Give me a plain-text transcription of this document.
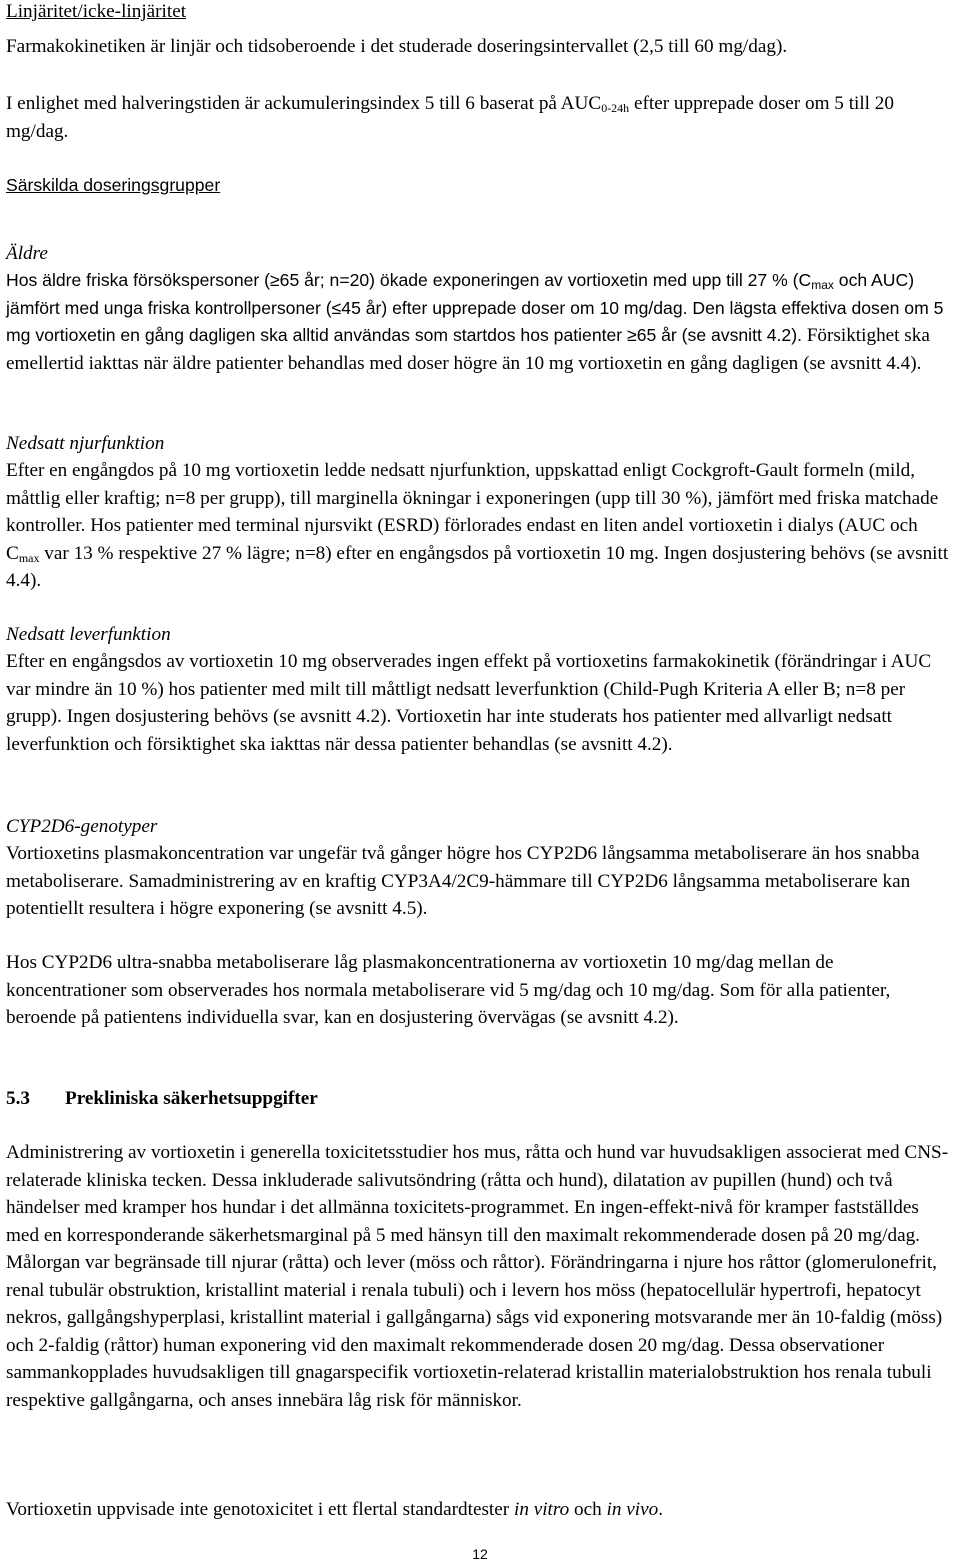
Linjäritet/icke-linjäritet

Farmakokinetiken är linjär och tidsoberoende i det studerade doseringsintervallet (2,5 till 60 mg/dag).

I enlighet med halveringstiden är ackumuleringsindex 5 till 6 baserat på $AUC_{0-24h}$ efter upprepade doser om 5 till 20 mg/dag.

Särskilda doseringsgrupper

Äldre

Hos äldre friska försökspersoner (≥65 år; n=20) ökade exponeringen av vortioxetin med upp till 27 % ($C_{max}$ och AUC) jämfört med unga friska kontrollpersoner (≤45 år) efter upprepade doser om 10 mg/dag. Den lägsta effektiva dosen om 5 mg vortioxetin en gång dagligen ska alltid användas som startdos hos patienter ≥65 år (se avsnitt 4.2). Försiktighet ska emellertid iakttas när äldre patienter behandlas med doser högre än 10 mg vortioxetin en gång dagligen (se avsnitt 4.4).

Nedsatt njurfunktion

Efter en engångdos på 10 mg vortioxetin ledde nedsatt njurfunktion, uppskattad enligt Cockgroft-Gault formeln (mild, måttlig eller kraftig; n=8 per grupp), till marginella ökningar i exponeringen (upp till 30 %), jämfört med friska matchade kontroller. Hos patienter med terminal njursvikt (ESRD) förlorades endast en liten andel vortioxetin i dialys (AUC och $C_{max}$ var 13 % respektive 27 % lägre; n=8) efter en engångsdos på vortioxetin 10 mg. Ingen dosjustering behövs (se avsnitt 4.4).

Nedsatt leverfunktion

Efter en engångsdos av vortioxetin 10 mg observerades ingen effekt på vortioxetins farmakokinetik (förändringar i AUC var mindre än 10 %) hos patienter med milt till måttligt nedsatt leverfunktion (Child-Pugh Kriteria A eller B; n=8 per grupp). Ingen dosjustering behövs (se avsnitt 4.2). Vortioxetin har inte studerats hos patienter med allvarligt nedsatt leverfunktion och försiktighet ska iakttas när dessa patienter behandlas (se avsnitt 4.2).

CYP2D6-genotyper

Vortioxetins plasmakoncentration var ungefär två gånger högre hos CYP2D6 långsamma metaboliserare än hos snabba metaboliserare. Samadministrering av en kraftig CYP3A4/2C9-hämmare till CYP2D6 långsamma metaboliserare kan potentiellt resultera i högre exponering (se avsnitt 4.5).

Hos CYP2D6 ultra-snabba metaboliserare låg plasmakoncentrationerna av vortioxetin 10 mg/dag mellan de koncentrationer som observerades hos normala metaboliserare vid 5 mg/dag och 10 mg/dag. Som för alla patienter, beroende på patientens individuella svar, kan en dosjustering övervägas (se avsnitt 4.2).

5.3 Prekliniska säkerhetsuppgifter

Administrering av vortioxetin i generella toxicitetsstudier hos mus, råtta och hund var huvudsakligen associerat med CNS-relaterade kliniska tecken. Dessa inkluderade salivutsöndring (råtta och hund), dilatation av pupillen (hund) och två händelser med kramper hos hundar i det allmänna toxicitets-programmet. En ingen-effekt-nivå för kramper fastställdes med en korresponderande säkerhetsmarginal på 5 med hänsyn till den maximalt rekommenderade dosen på 20 mg/dag. Målorgan var begränsade till njurar (råtta) och lever (möss och råttor). Förändringarna i njure hos råttor (glomerulonefrit, renal tubulär obstruktion, kristallint material i renala tubuli) och i levern hos möss (hepatocellulär hypertrofi, hepatocyt nekros, gallgångshyperplasi, kristallint material i gallgångarna) sågs vid exponering motsvarande mer än 10-faldig (möss) och 2-faldig (råttor) human exponering vid den maximalt rekommenderade dosen 20 mg/dag. Dessa observationer sammankopplades huvudsakligen till gnagarspecifik vortioxetin-relaterad kristallin materialobstruktion hos renala tubuli respektive gallgångarna, och anses innebära låg risk för människor.

Vortioxetin uppvisade inte genotoxicitet i ett flertal standardtester in vitro och in vivo.

12
